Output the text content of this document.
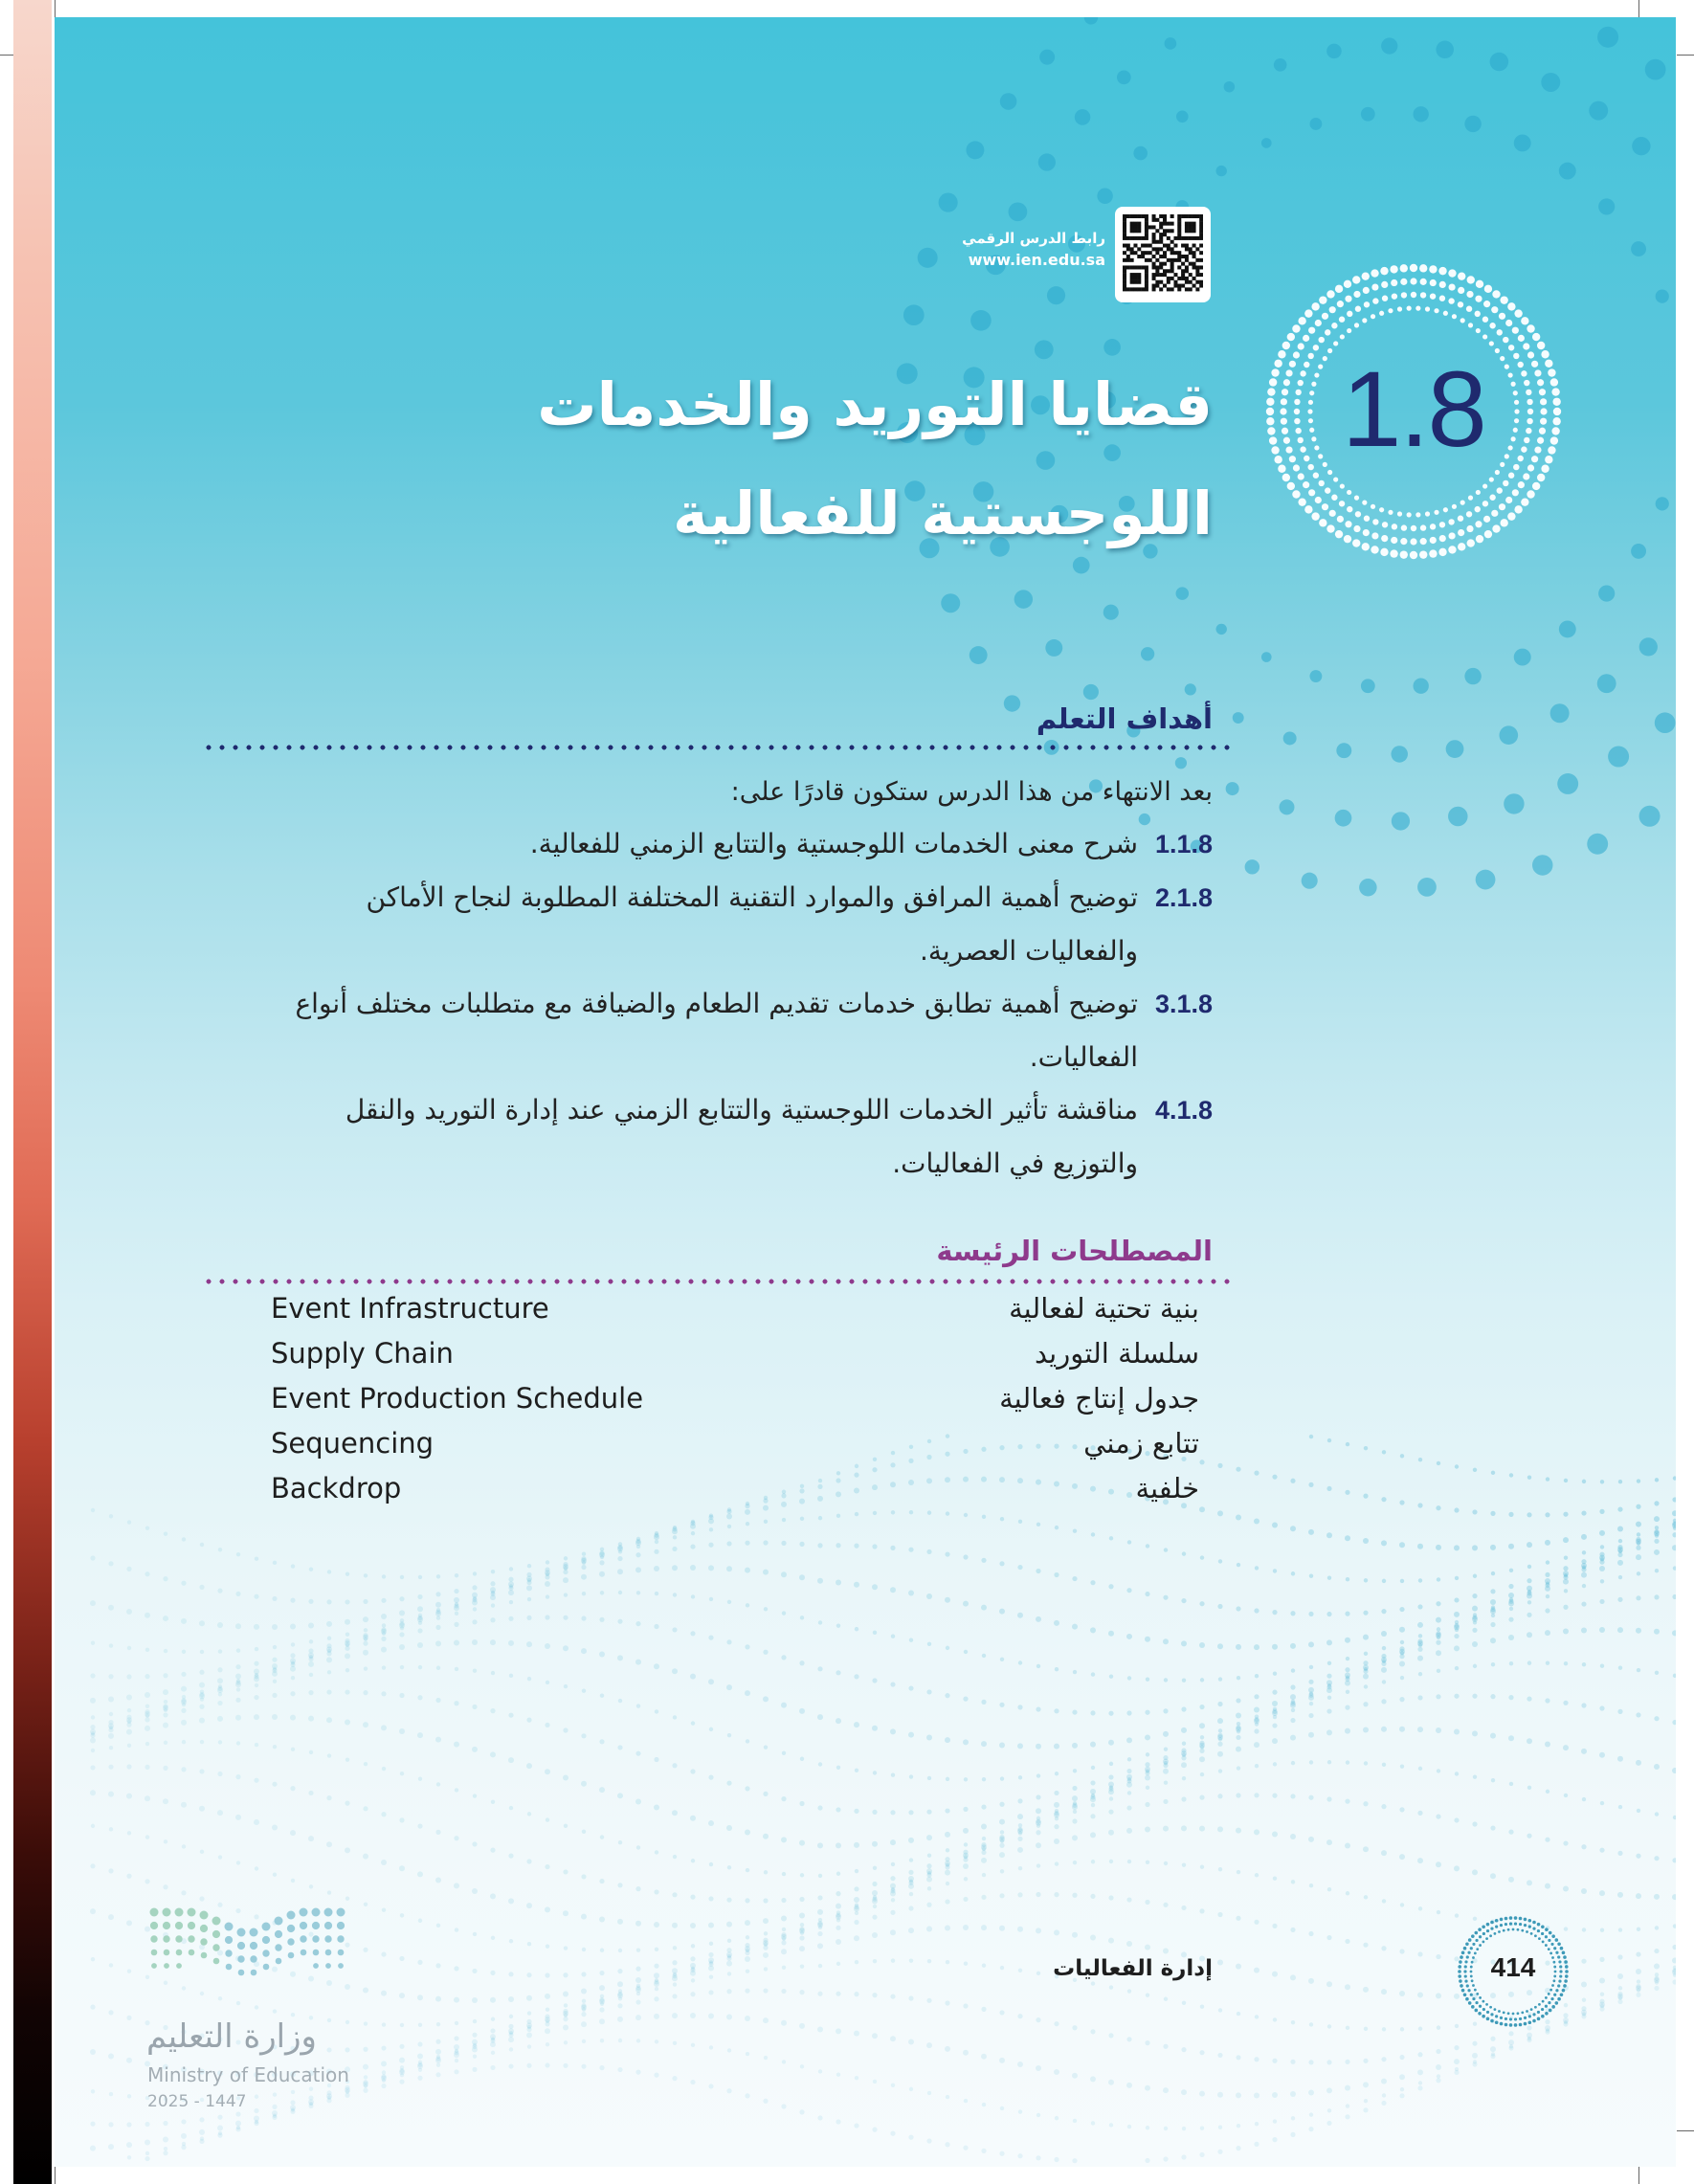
رابط الدرس الرقمي
www.ien.edu.sa
1.8
قضايا التوريد والخدمات
اللوجستية للفعالية
أهداف التعلم
بعد الانتهاء من هذا الدرس ستكون قادرًا على:
1.1.8
شرح معنى الخدمات اللوجستية والتتابع الزمني للفعالية.
2.1.8
توضيح أهمية المرافق والموارد التقنية المختلفة المطلوبة لنجاح الأماكن والفعاليات العصرية.
3.1.8
توضيح أهمية تطابق خدمات تقديم الطعام والضيافة مع متطلبات مختلف أنواع الفعاليات.
4.1.8
مناقشة تأثير الخدمات اللوجستية والتتابع الزمني عند إدارة التوريد والنقل والتوزيع في الفعاليات.
المصطلحات الرئيسة
Event Infrastructure	بنية تحتية لفعالية
Supply Chain	سلسلة التوريد
Event Production Schedule	جدول إنتاج فعالية
Sequencing	تتابع زمني
Backdrop	خلفية
414
إدارة الفعاليات
وزارة التعليم
Ministry of Education
2025 - 1447
